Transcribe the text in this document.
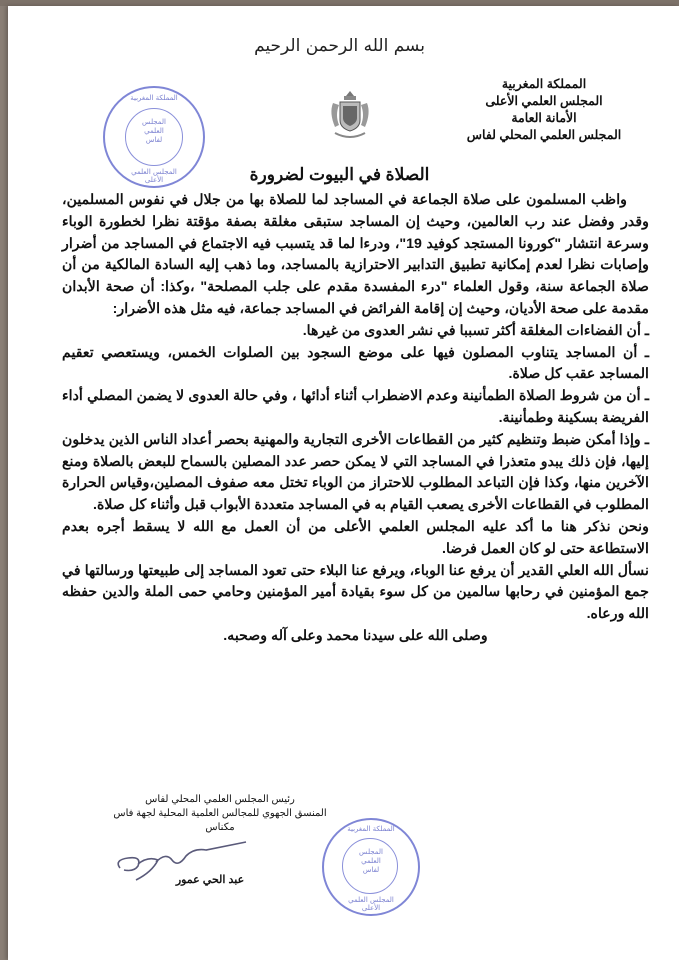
بسم الله الرحمن الرحيم
المملكة المغربية
المجلس العلمي الأعلى
الأمانة العامة
المجلس العلمي المحلي لفاس
المملكة المغربية
المجلس
العلمي
لفاس
المجلس العلمي الأعلى	الصلاة في البيوت لضرورة

واظب المسلمون على صلاة الجماعة في المساجد لما للصلاة بها من جلال في نفوس المسلمين، وقدر وفضل عند رب العالمين، وحيث إن المساجد ستبقى مغلقة بصفة مؤقتة نظرا لخطورة الوباء وسرعة انتشار "كورونا المستجد كوفيد 19"، ودرءا لما قد يتسبب فيه الاجتماع في المساجد من أضرار وإصابات نظرا لعدم إمكانية تطبيق التدابير الاحترازية بالمساجد، وما ذهب إليه السادة المالكية من أن صلاة الجماعة سنة، وقول العلماء "درء المفسدة مقدم على جلب المصلحة" ،وكذا: أن صحة الأبدان مقدمة على صحة الأديان، وحيث إن إقامة الفرائض في المساجد جماعة، فيه مثل هذه الأضرار:

ـ أن الفضاءات المغلقة أكثر تسببا في نشر العدوى من غيرها.

ـ أن المساجد يتناوب المصلون فيها على موضع السجود بين الصلوات الخمس، ويستعصي تعقيم المساجد عقب كل صلاة.

ـ أن من شروط الصلاة الطمأنينة وعدم الاضطراب أثناء أدائها ، وفي حالة العدوى لا يضمن المصلي أداء الفريضة بسكينة وطمأنينة.

ـ وإذا أمكن ضبط وتنظيم كثير من القطاعات الأخرى التجارية والمهنية بحصر أعداد الناس الذين يدخلون إليها، فإن ذلك يبدو متعذرا في المساجد التي لا يمكن حصر عدد المصلين بالسماح للبعض بالصلاة ومنع الآخرين منها، وكذا فإن التباعد المطلوب للاحتراز من الوباء تختل معه صفوف المصلين،وقياس الحرارة المطلوب في القطاعات الأخرى يصعب القيام به في المساجد متعددة الأبواب قبل وأثناء كل صلاة.

ونحن نذكر هنا ما أكد عليه المجلس العلمي الأعلى من أن العمل مع الله لا يسقط أجره بعدم الاستطاعة حتى لو كان العمل فرضا.

نسأل الله العلي القدير أن يرفع عنا الوباء، ويرفع عنا البلاء حتى تعود المساجد إلى طبيعتها ورسالتها في جمع المؤمنين في رحابها سالمين من كل سوء بقيادة أمير المؤمنين وحامي حمى الملة والدين حفظه الله ورعاه.

وصلى الله على سيدنا محمد وعلى آله وصحبه.

رئيس المجلس العلمي المحلي لفاس
المنسق الجهوي للمجالس العلمية المحلية لجهة فاس مكناس
عبد الحي عمور
المملكة المغربية
المجلس
العلمي
لفاس
المجلس العلمي الأعلى
